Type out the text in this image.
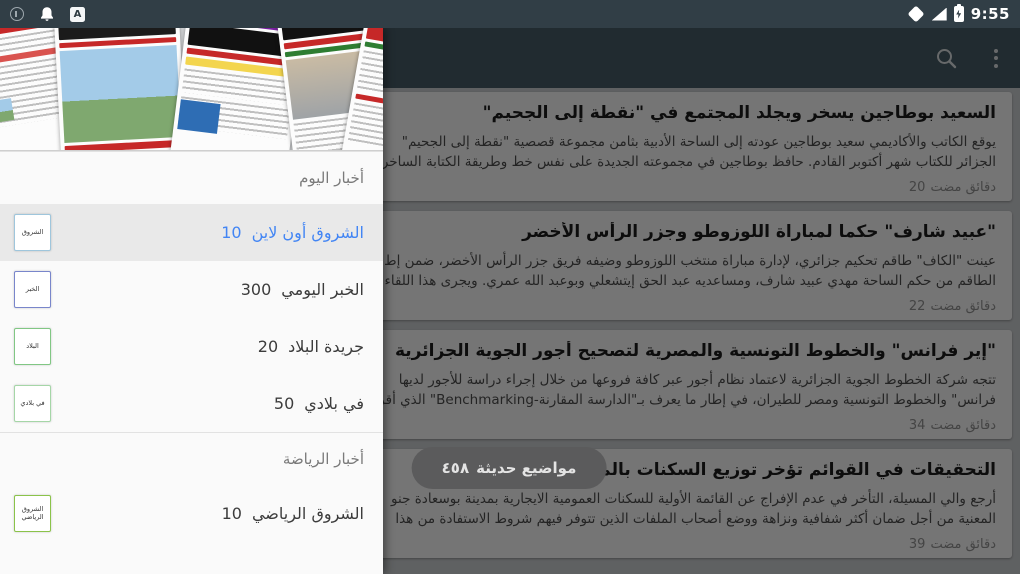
A	9:55
مواضيع حديثة
٤٥٨
أخبار اليوم
الشروق أون لاين
10
الشروق
الخبر اليومي
300
الخبر
جريدة البلاد
20
البلاد
في بلادي
50
في بلادي
أخبار الرياضة
الشروق الرياضي
10
الشروق الرياضي
